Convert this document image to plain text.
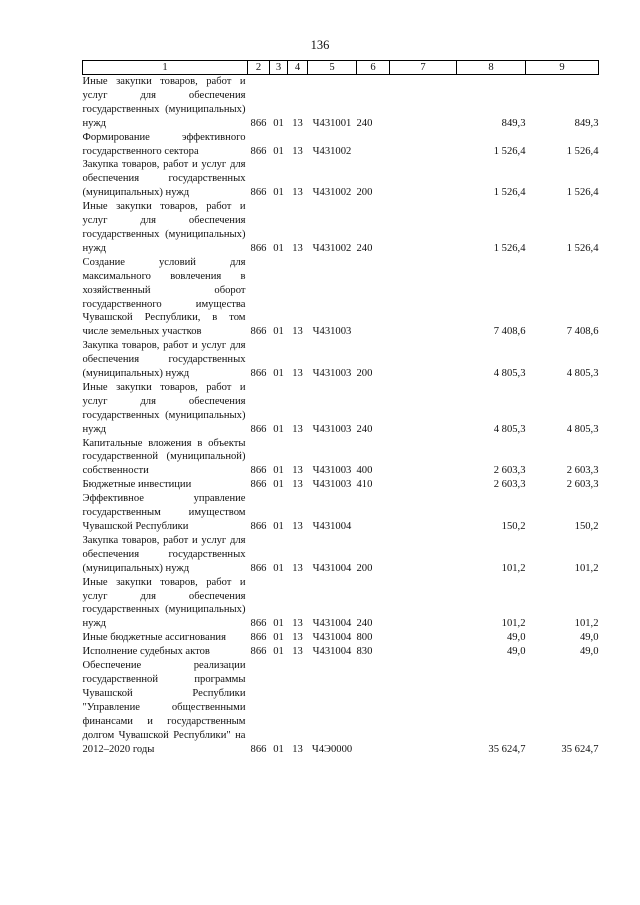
136
1	2	3	4	5	6	7	8	9
Иные закупки товаров, работ и услуг для обеспечения государственных (муниципальных) нужд	866	01	13	Ч431001	240		849,3	849,3
Формирование эффективного государственного сектора	866	01	13	Ч431002			1 526,4	1 526,4
Закупка товаров, работ и услуг для обеспечения государственных (муниципальных) нужд	866	01	13	Ч431002	200		1 526,4	1 526,4
Иные закупки товаров, работ и услуг для обеспечения государственных (муниципальных) нужд	866	01	13	Ч431002	240		1 526,4	1 526,4
Создание условий для максимального вовлечения в хозяйственный оборот государственного имущества Чувашской Республики, в том числе земельных участков	866	01	13	Ч431003			7 408,6	7 408,6
Закупка товаров, работ и услуг для обеспечения государственных (муниципальных) нужд	866	01	13	Ч431003	200		4 805,3	4 805,3
Иные закупки товаров, работ и услуг для обеспечения государственных (муниципальных) нужд	866	01	13	Ч431003	240		4 805,3	4 805,3
Капитальные вложения в объекты государственной (муниципальной) собственности	866	01	13	Ч431003	400		2 603,3	2 603,3
Бюджетные инвестиции	866	01	13	Ч431003	410		2 603,3	2 603,3
Эффективное управление государственным имуществом Чувашской Республики	866	01	13	Ч431004			150,2	150,2
Закупка товаров, работ и услуг для обеспечения государственных (муниципальных) нужд	866	01	13	Ч431004	200		101,2	101,2
Иные закупки товаров, работ и услуг для обеспечения государственных (муниципальных) нужд	866	01	13	Ч431004	240		101,2	101,2
Иные бюджетные ассигнования	866	01	13	Ч431004	800		49,0	49,0
Исполнение судебных актов	866	01	13	Ч431004	830		49,0	49,0
Обеспечение реализации государственной программы Чувашской Республики "Управление общественными финансами и государственным долгом Чувашской Республики" на 2012–2020 годы	866	01	13	Ч4Э0000			35 624,7	35 624,7
